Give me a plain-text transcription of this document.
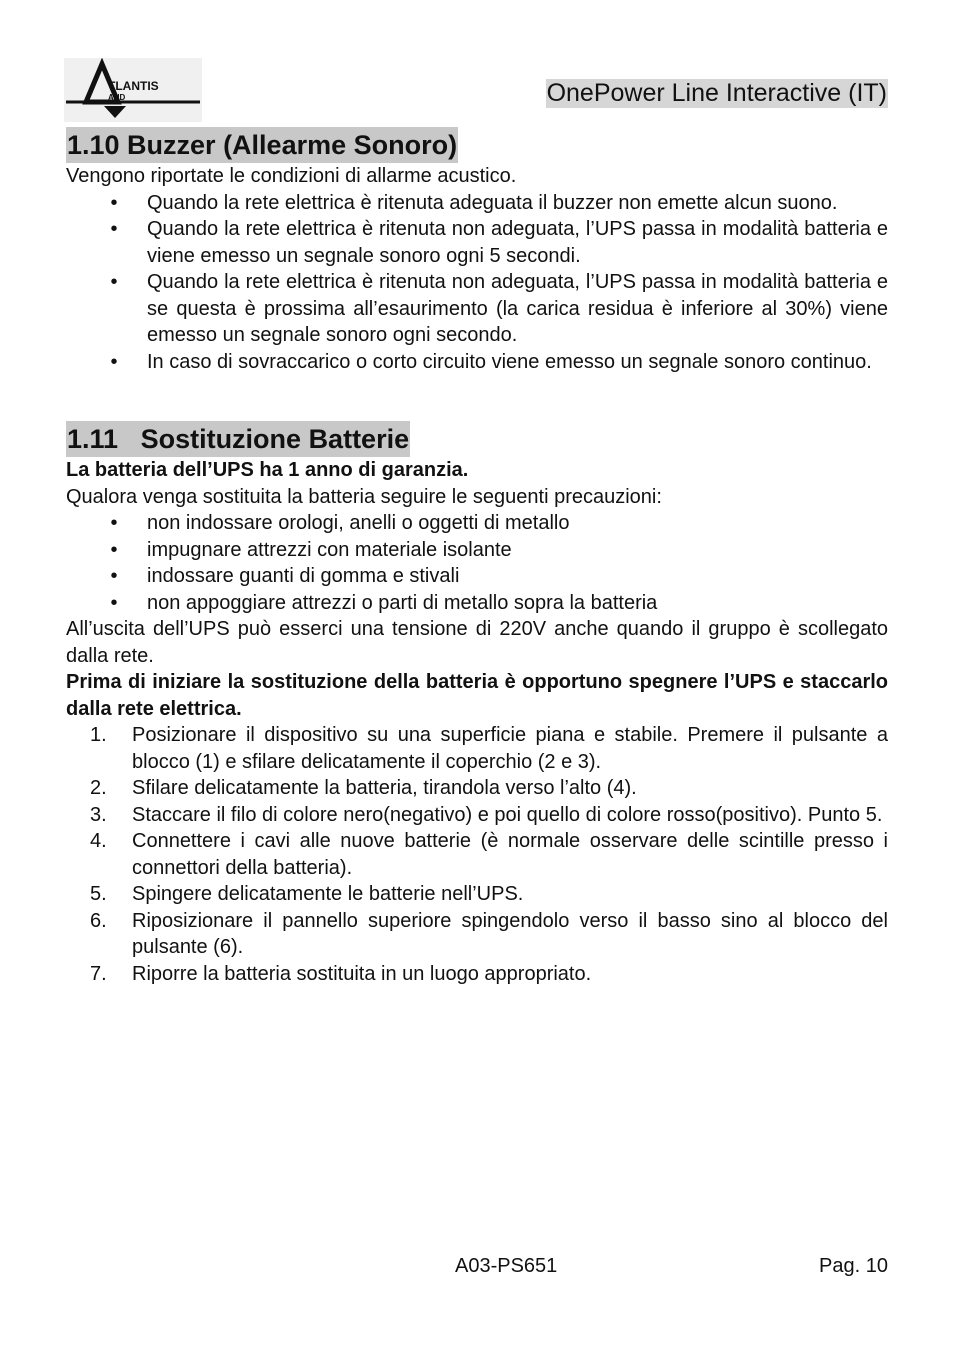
TLANTIS
AND	OnePower Line Interactive (IT)
1.10 Buzzer (Allearme Sonoro)

Vengono riportate le condizioni di allarme acustico.

• Quando la rete elettrica è ritenuta adeguata il buzzer non emette alcun suono.
• Quando la rete elettrica è ritenuta non adeguata, l’UPS passa in modalità batteria e viene emesso un segnale sonoro ogni 5 secondi.
• Quando la rete elettrica è ritenuta non adeguata, l’UPS passa in modalità batteria e se questa è prossima all’esaurimento (la carica residua è inferiore al 30%) viene emesso un segnale sonoro ogni secondo.
• In caso di sovraccarico o corto circuito viene emesso un segnale sonoro continuo.
1.11   Sostituzione Batterie

La batteria dell’UPS ha 1 anno di garanzia.

Qualora venga sostituita la batteria seguire le seguenti precauzioni:

• non indossare orologi, anelli o oggetti di metallo
• impugnare attrezzi con materiale isolante
• indossare guanti di gomma e stivali
• non appoggiare attrezzi o parti di metallo sopra la batteria

All’uscita dell’UPS può esserci una tensione di 220V anche quando il gruppo è scollegato dalla rete.

Prima di iniziare la sostituzione della batteria è opportuno spegnere l’UPS e staccarlo dalla rete elettrica.

1.	Posizionare il dispositivo su una superficie piana e stabile. Premere il pulsante a blocco (1) e sfilare delicatamente il coperchio (2 e 3).
2.	Sfilare delicatamente la batteria, tirandola verso l’alto (4).
3.	Staccare il filo di colore nero(negativo) e poi quello di colore rosso(positivo). Punto 5.
4.	Connettere i cavi alle nuove batterie (è normale osservare delle scintille presso i connettori della batteria).
5.	Spingere delicatamente le batterie nell’UPS.
6.	Riposizionare il pannello superiore spingendolo verso il basso sino al blocco del pulsante (6).
7.	Riporre la batteria sostituita in un luogo appropriato.
A03-PS651	Pag. 10
